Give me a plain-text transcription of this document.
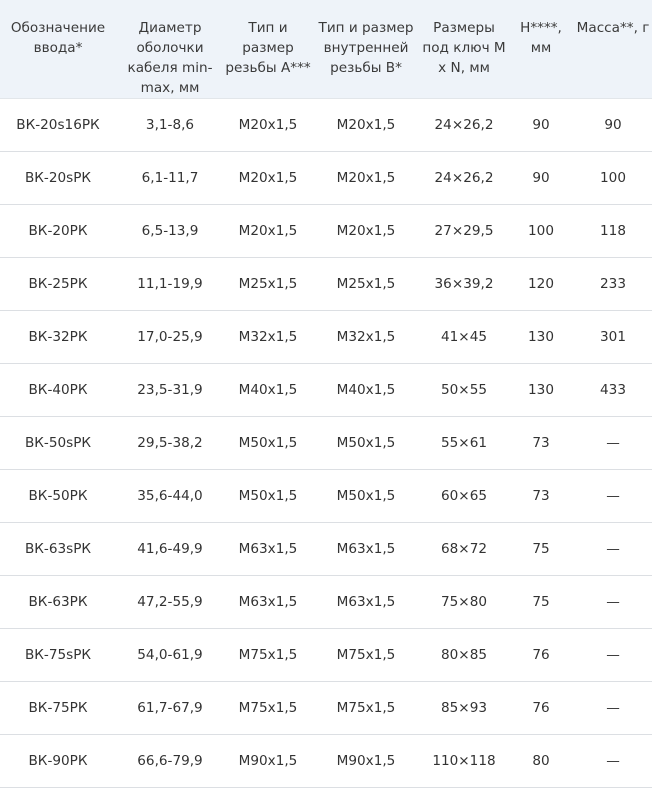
Обозначение ввода*	Диаметр оболочки кабеля min-max, мм	Тип и размер резьбы А***	Тип и размер внутренней резьбы В*	Размеры под ключ M x N, мм	Н****, мм	Масса**, г
ВК-20s16РК	3,1-8,6	М20х1,5	М20х1,5	24×26,2	90	90
ВК-20sРК	6,1-11,7	М20х1,5	М20х1,5	24×26,2	90	100
ВК-20РК	6,5-13,9	М20х1,5	М20х1,5	27×29,5	100	118
ВК-25РК	11,1-19,9	М25х1,5	М25х1,5	36×39,2	120	233
ВК-32РК	17,0-25,9	М32х1,5	М32х1,5	41×45	130	301
ВК-40РК	23,5-31,9	М40х1,5	М40х1,5	50×55	130	433
ВК-50sРК	29,5-38,2	М50х1,5	М50х1,5	55×61	73	—
ВК-50РК	35,6-44,0	М50х1,5	М50х1,5	60×65	73	—
ВК-63sРК	41,6-49,9	М63х1,5	М63х1,5	68×72	75	—
ВК-63РК	47,2-55,9	М63х1,5	М63х1,5	75×80	75	—
ВК-75sРК	54,0-61,9	М75х1,5	М75х1,5	80×85	76	—
ВК-75РК	61,7-67,9	М75х1,5	М75х1,5	85×93	76	—
ВК-90РК	66,6-79,9	М90х1,5	М90х1,5	110×118	80	—
